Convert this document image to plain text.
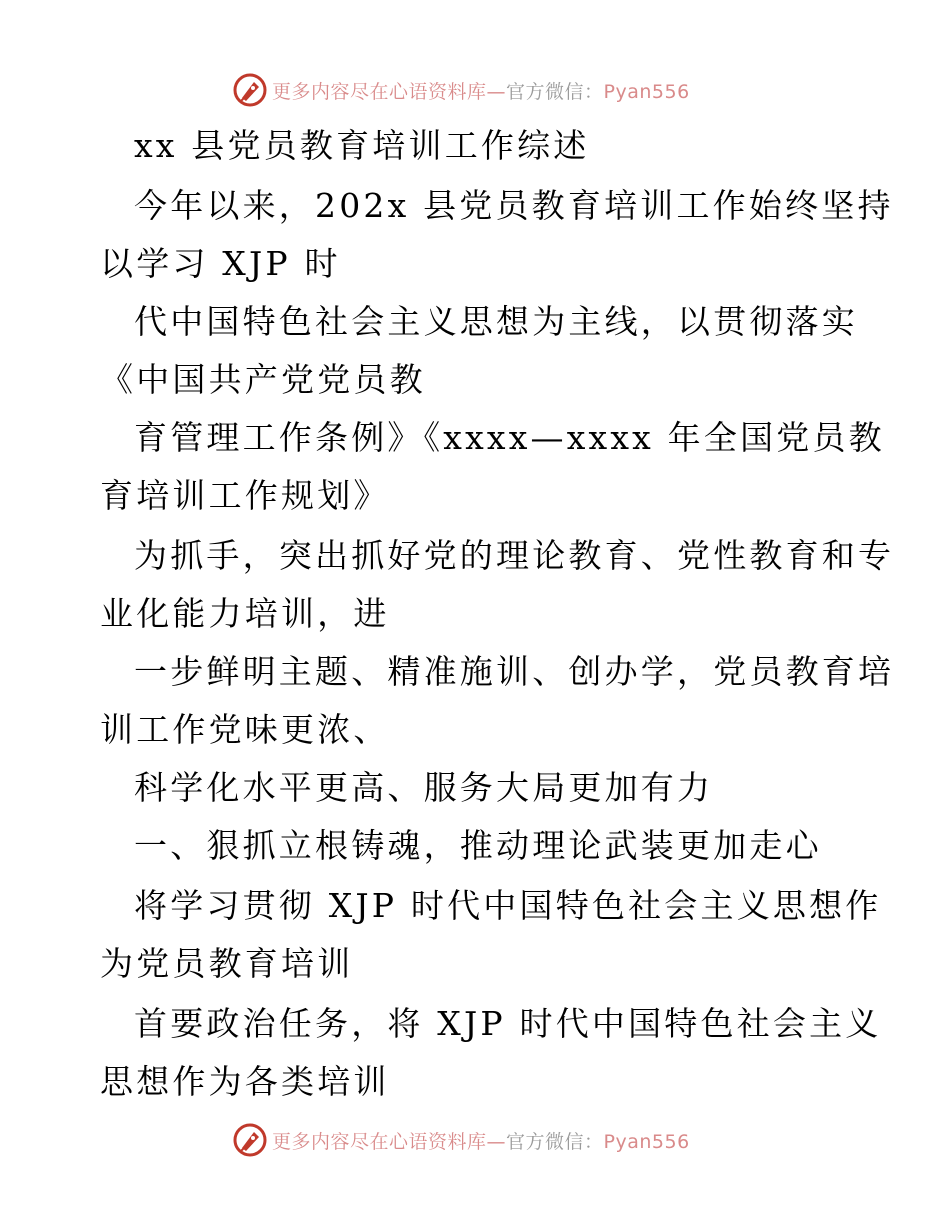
更多内容尽在心语资料库—官方微信：Pyan556
xx 县党员教育培训工作综述
今年以来，202x 县党员教育培训工作始终坚持
以学习 XJP 时
代中国特色社会主义思想为主线，以贯彻落实
《中国共产党党员教
育管理工作条例》《xxxx—xxxx 年全国党员教
育培训工作规划》
为抓手，突出抓好党的理论教育、党性教育和专
业化能力培训，进
一步鲜明主题、精准施训、创办学，党员教育培
训工作党味更浓、
科学化水平更高、服务大局更加有力
一、狠抓立根铸魂，推动理论武装更加走心
将学习贯彻 XJP 时代中国特色社会主义思想作
为党员教育培训
首要政治任务，将 XJP 时代中国特色社会主义
思想作为各类培训
更多内容尽在心语资料库—官方微信：Pyan556
